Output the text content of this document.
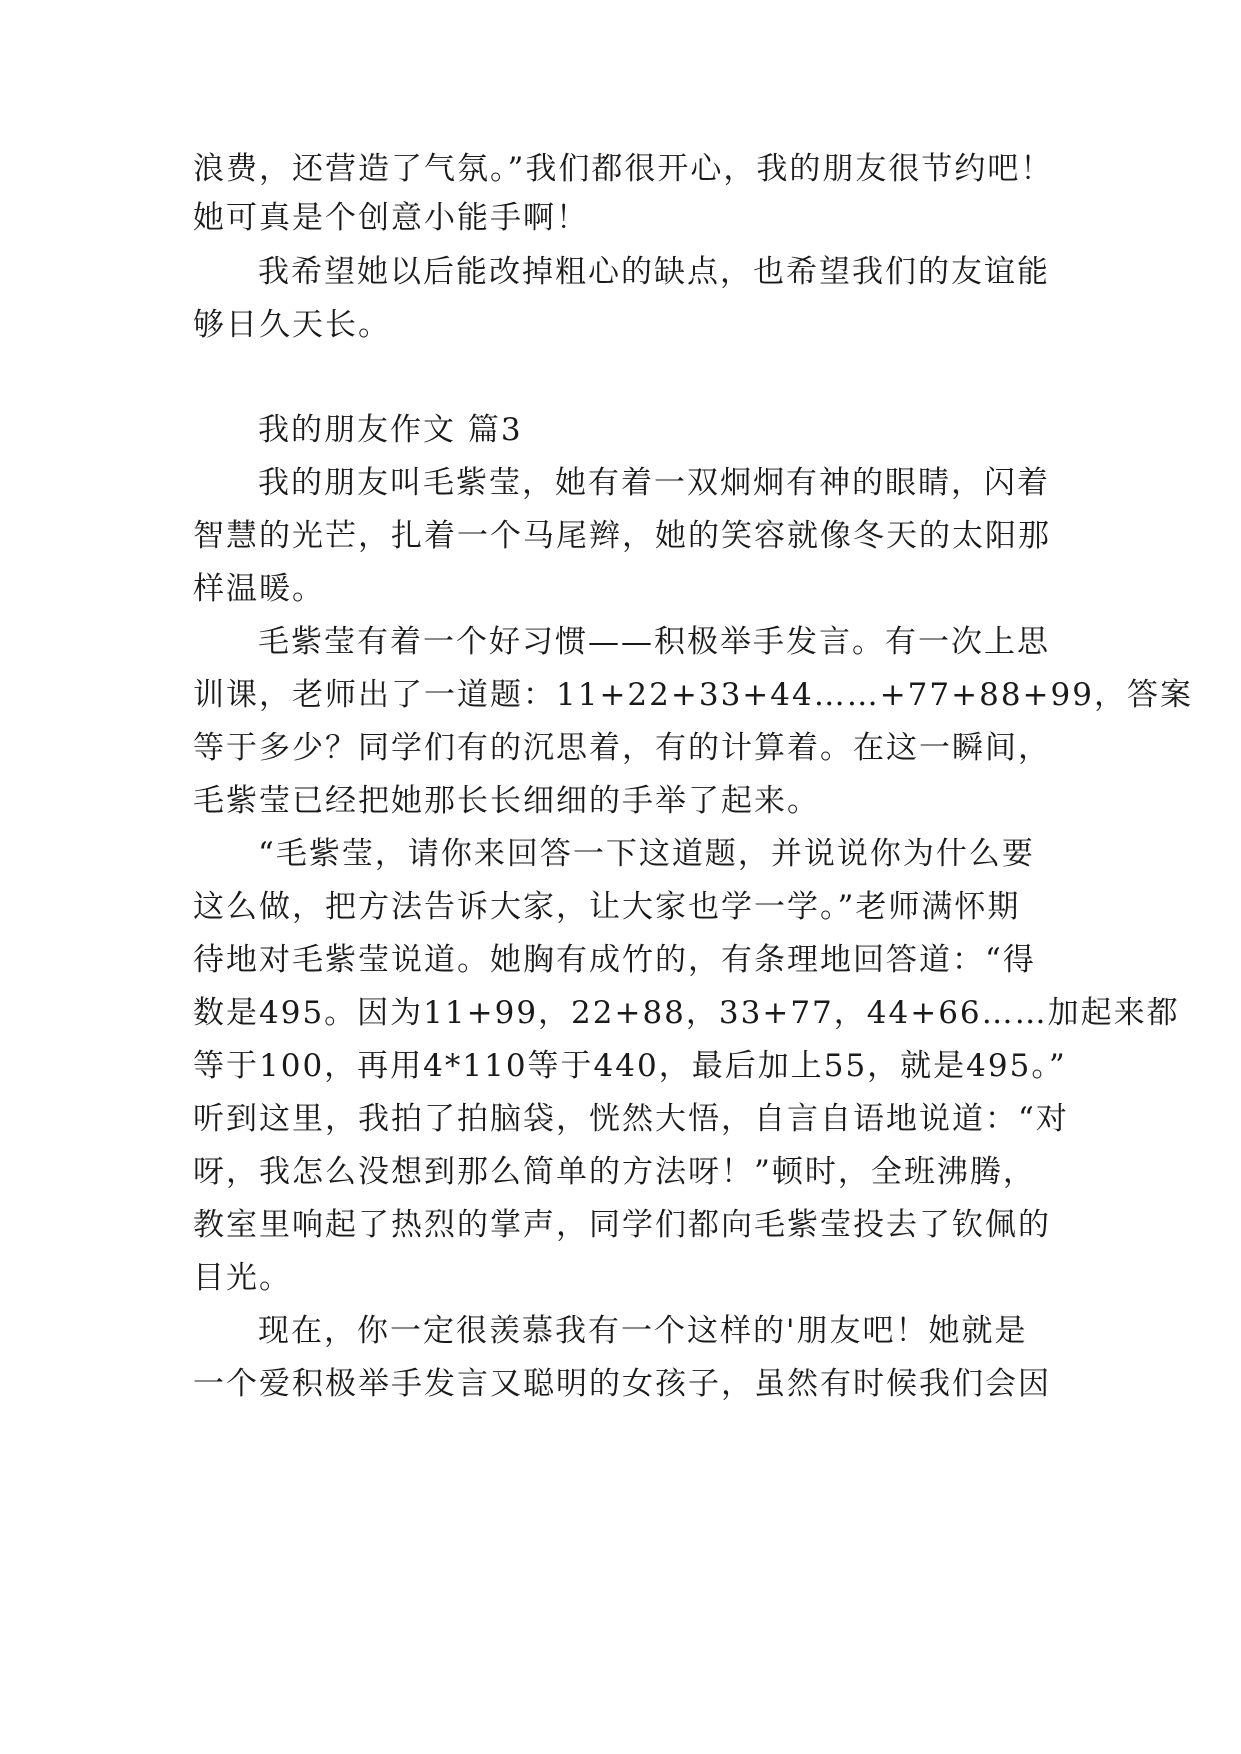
浪费，还营造了气氛。”我们都很开心，我的朋友很节约吧！
她可真是个创意小能手啊！
我希望她以后能改掉粗心的缺点，也希望我们的友谊能
够日久天长。
我的朋友作文 篇3
我的朋友叫毛紫莹，她有着一双炯炯有神的眼睛，闪着
智慧的光芒，扎着一个马尾辫，她的笑容就像冬天的太阳那
样温暖。
毛紫莹有着一个好习惯——积极举手发言。有一次上思
训课，老师出了一道题：11+22+33+44……+77+88+99，答案
等于多少？同学们有的沉思着，有的计算着。在这一瞬间，
毛紫莹已经把她那长长细细的手举了起来。
“毛紫莹，请你来回答一下这道题，并说说你为什么要
这么做，把方法告诉大家，让大家也学一学。”老师满怀期
待地对毛紫莹说道。她胸有成竹的，有条理地回答道：“得
数是495。因为11+99，22+88，33+77，44+66……加起来都
等于100，再用4*110等于440，最后加上55，就是495。”
听到这里，我拍了拍脑袋，恍然大悟，自言自语地说道：“对
呀，我怎么没想到那么简单的方法呀！”顿时，全班沸腾，
教室里响起了热烈的掌声，同学们都向毛紫莹投去了钦佩的
目光。
现在，你一定很羡慕我有一个这样的'朋友吧！她就是
一个爱积极举手发言又聪明的女孩子，虽然有时候我们会因
